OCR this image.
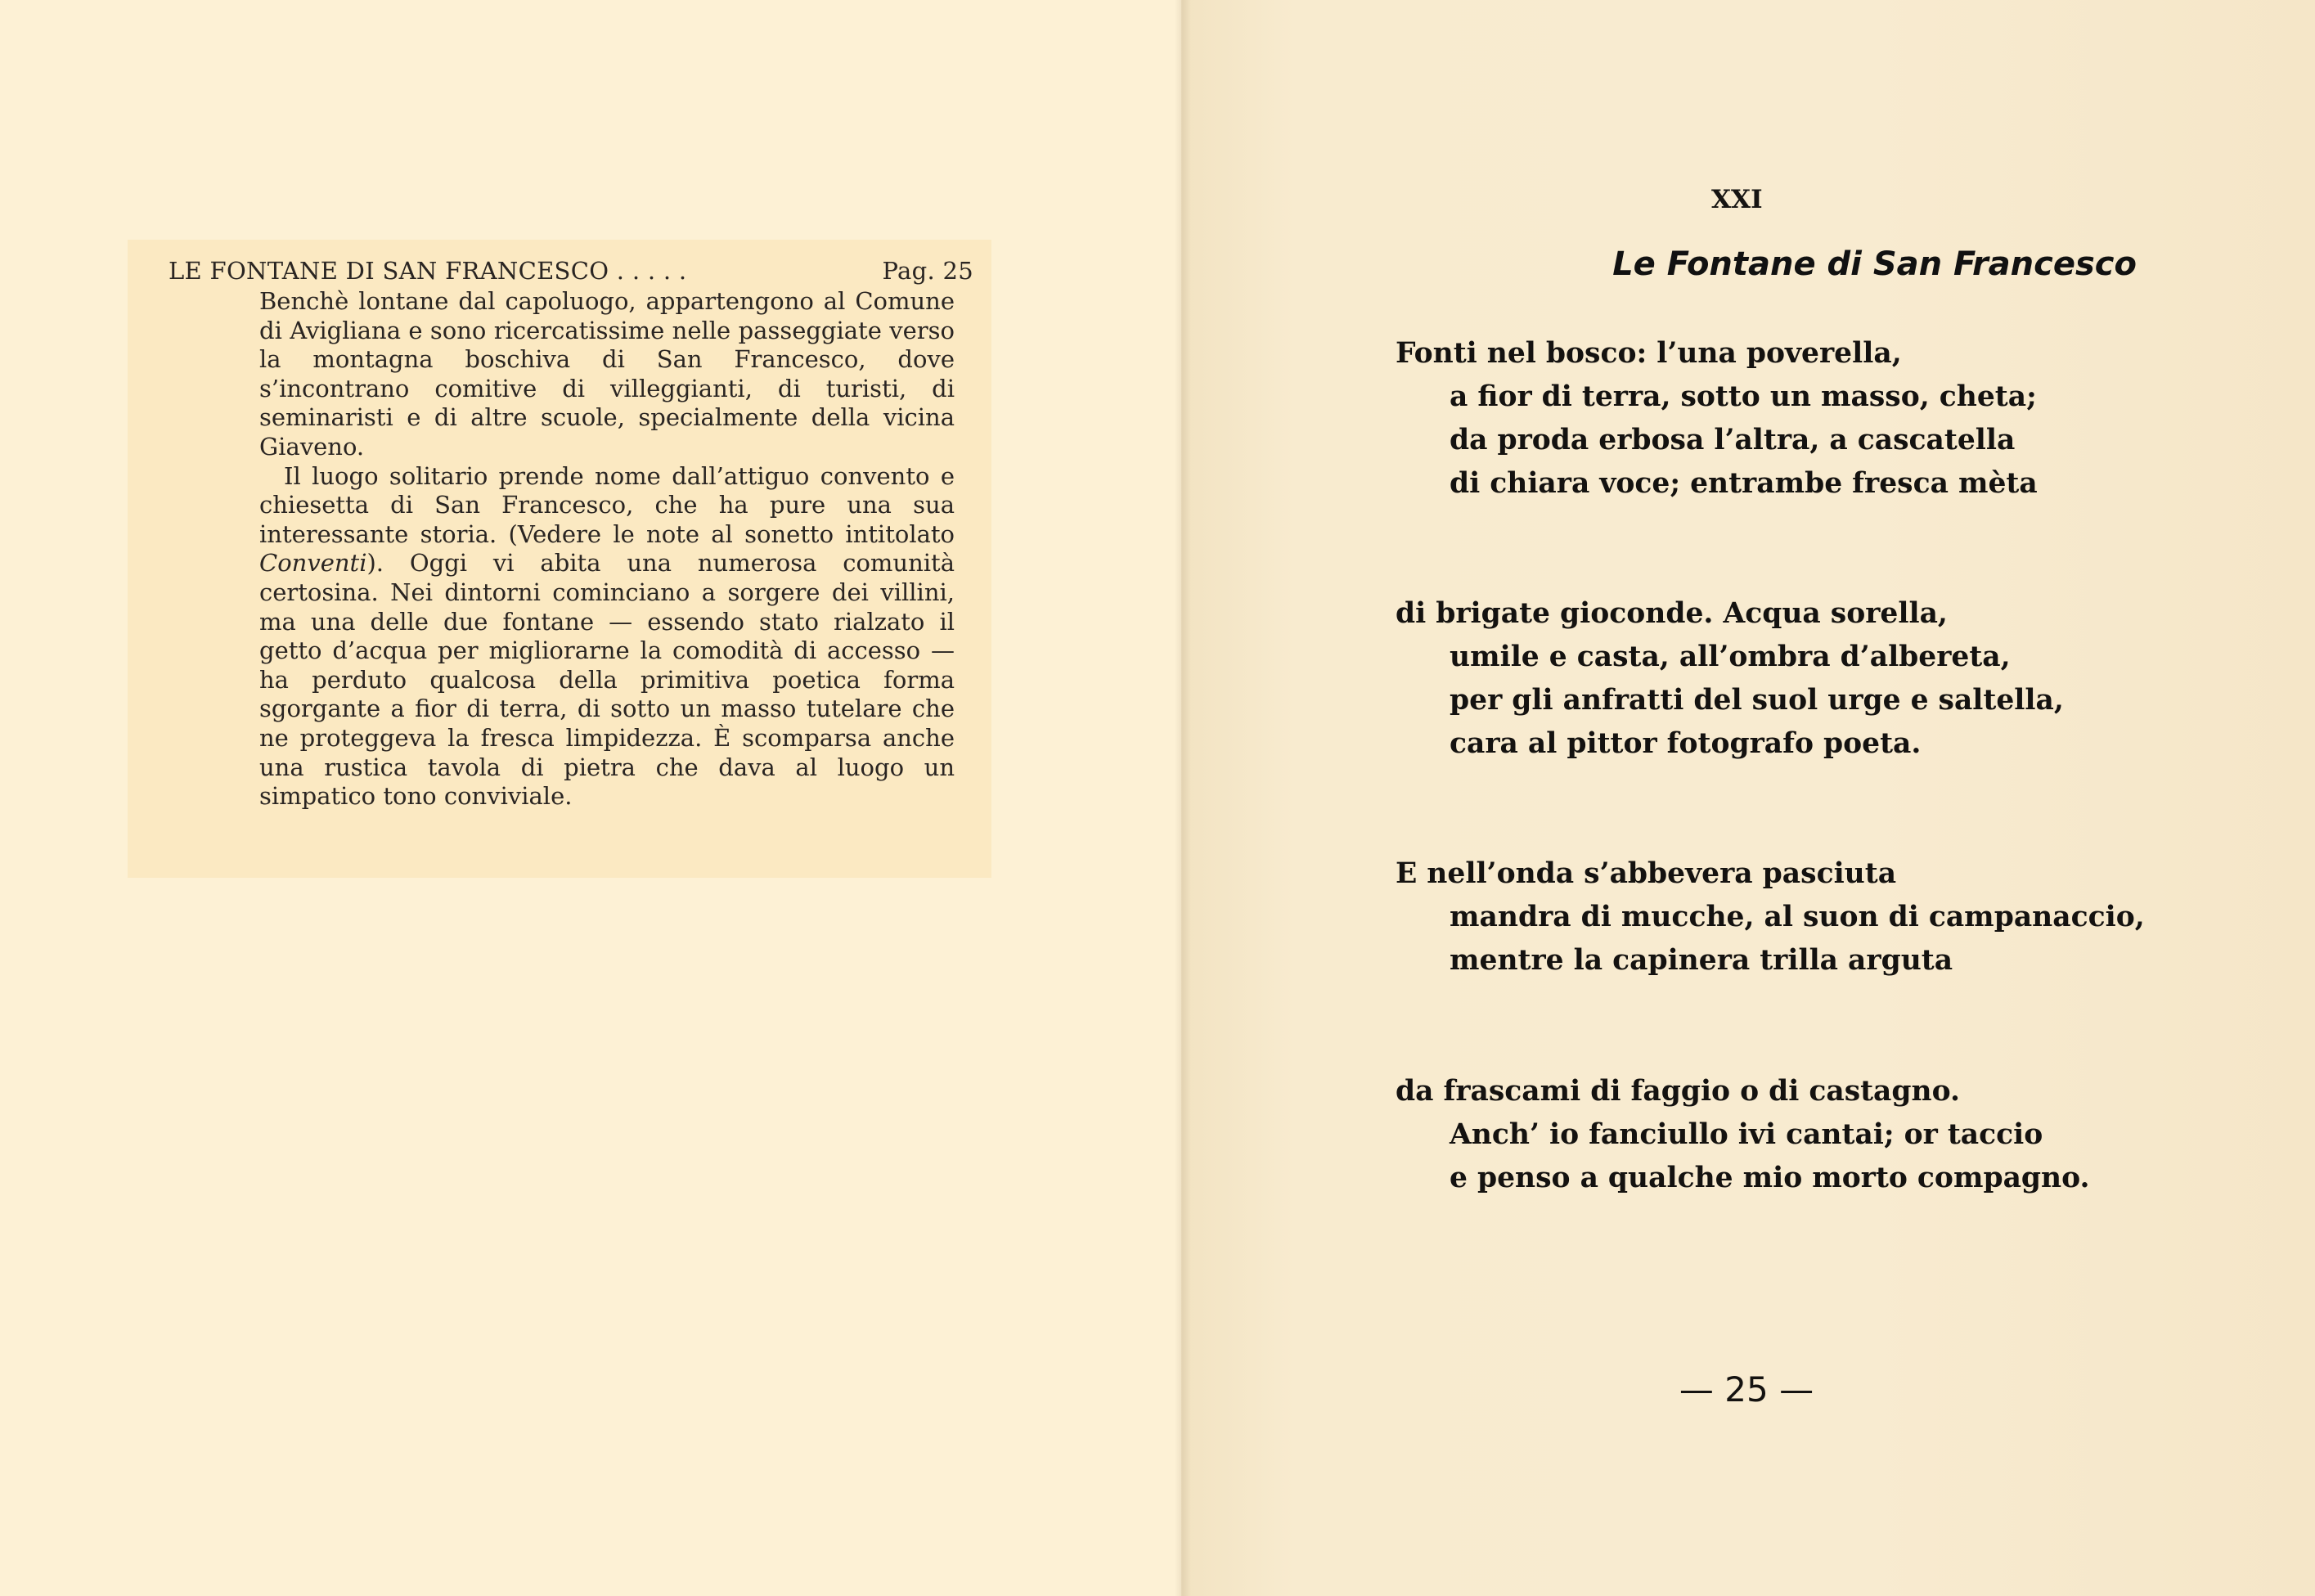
LE FONTANE DI SAN FRANCESCO . . . . .	Pag. 25

Benchè lontane dal capoluogo, appartengono al Comune di Avigliana e sono ricercatissime nelle passeggiate verso la montagna boschiva di San Francesco, dove s’incontrano comitive di villeggianti, di turisti, di seminaristi e di altre scuole, specialmente della vicina Giaveno.

Il luogo solitario prende nome dall’attiguo convento e chiesetta di San Francesco, che ha pure una sua interessante storia. (Vedere le note al sonetto intitolato Conventi). Oggi vi abita una numerosa comunità certosina. Nei dintorni cominciano a sorgere dei villini, ma una delle due fontane — essendo stato rialzato il getto d’acqua per migliorarne la comodità di accesso — ha perduto qualcosa della primitiva poetica forma sgorgante a fior di terra, di sotto un masso tutelare che ne proteggeva la fresca limpidezza. È scomparsa anche una rustica tavola di pietra che dava al luogo un simpatico tono conviviale.

XXI
Le Fontane di San Francesco
Fonti nel bosco: l’una poverella,
a fior di terra, sotto un masso, cheta;
da proda erbosa l’altra, a cascatella
di chiara voce; entrambe fresca mèta
di brigate gioconde. Acqua sorella,
umile e casta, all’ombra d’albereta,
per gli anfratti del suol urge e saltella,
cara al pittor fotografo poeta.
E nell’onda s’abbevera pasciuta
mandra di mucche, al suon di campanaccio,
mentre la capinera trilla arguta
da frascami di faggio o di castagno.
Anch’ io fanciullo ivi cantai; or taccio
e penso a qualche mio morto compagno.
— 25 —
